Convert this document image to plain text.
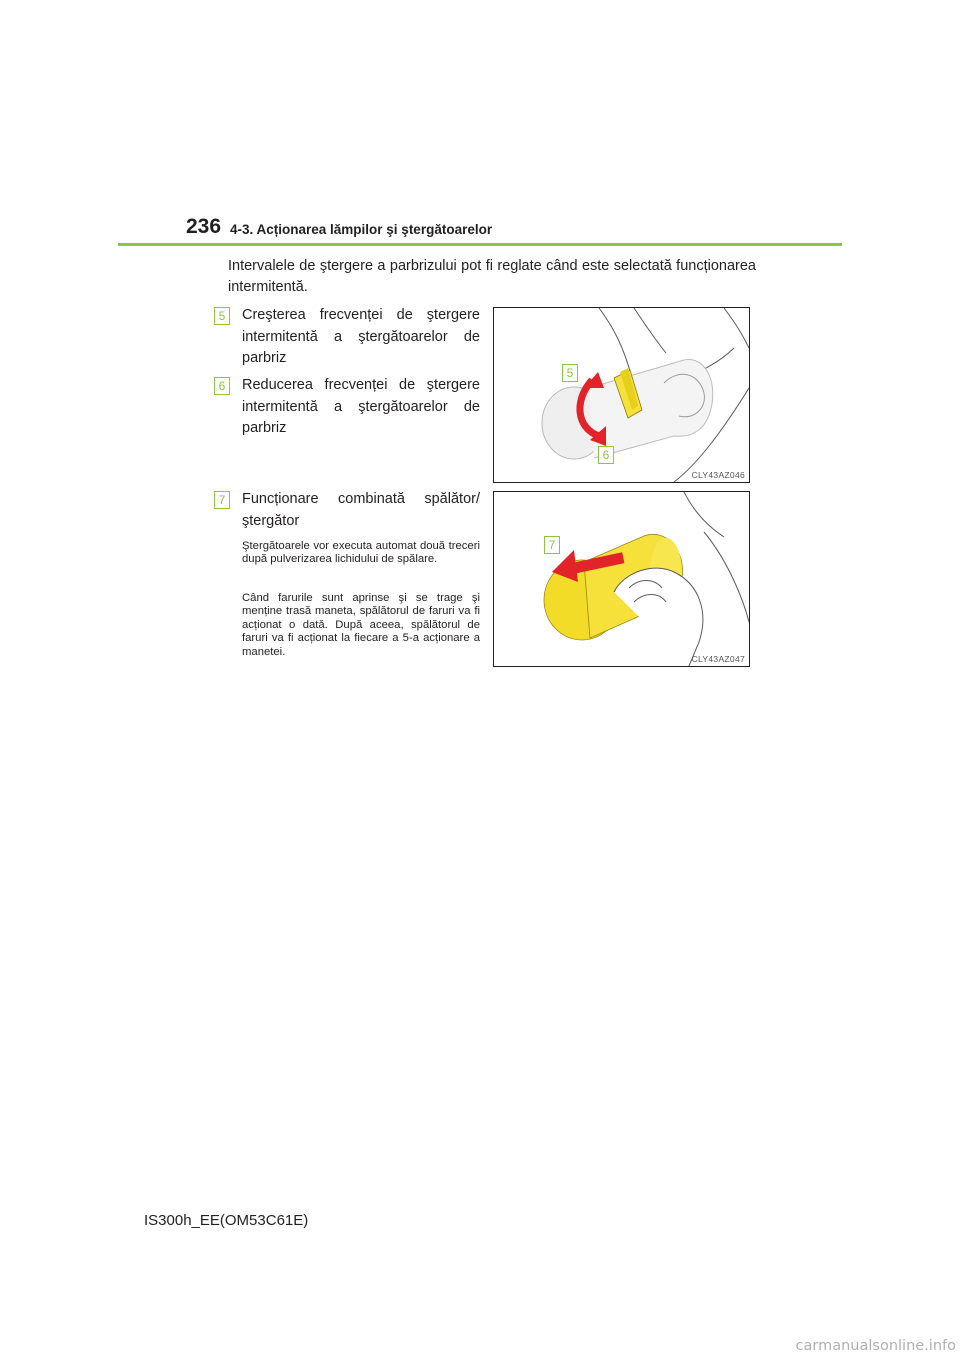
236 4-3. Acționarea lămpilor şi ştergătoarelor
Intervalele de ştergere a parbrizului pot fi reglate când este selectată funcționarea intermitentă.
5	Creşterea frecvenței de ştergere intermitentă a ştergătoarelor de parbriz
6	Reducerea frecvenței de ştergere intermitentă a ştergătoarelor de parbriz
7	Funcționare combinată spălător/ştergător
Ştergătoarele vor executa automat două treceri după pulverizarea lichidului de spălare.
Când farurile sunt aprinse şi se trage şi menține trasă maneta, spălătorul de faruri va fi acționat o dată. După aceea, spălătorul de faruri va fi acționat la fiecare a 5-a acționare a manetei.
5
6
CLY43AZ046
7
CLY43AZ047
IS300h_EE(OM53C61E)
carmanualsonline.info
